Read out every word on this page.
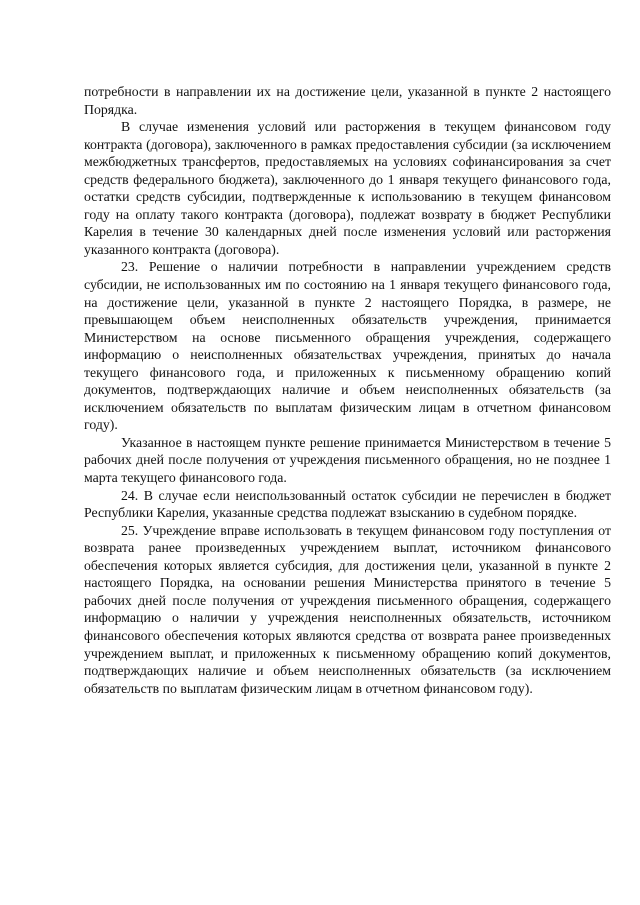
потребности в направлении их на достижение цели, указанной в пункте 2 настоящего Порядка.

В случае изменения условий или расторжения в текущем финансовом году контракта (договора), заключенного в рамках предоставления субсидии (за исключением межбюджетных трансфертов, предоставляемых на условиях софинансирования за счет средств федерального бюджета), заключенного до 1 января текущего финансового года, остатки средств субсидии, подтвержденные к использованию в текущем финансовом году на оплату такого контракта (договора), подлежат возврату в бюджет Республики Карелия в течение 30 календарных дней после изменения условий или расторжения указанного контракта (договора).

23. Решение о наличии потребности в направлении учреждением средств субсидии, не использованных им по состоянию на 1 января текущего финансового года, на достижение цели, указанной в пункте 2 настоящего Порядка, в размере, не превышающем объем неисполненных обязательств учреждения, принимается Министерством на основе письменного обращения учреждения, содержащего информацию о неисполненных обязательствах учреждения, принятых до начала текущего финансового года, и приложенных к письменному обращению копий документов, подтверждающих наличие и объем неисполненных обязательств (за исключением обязательств по выплатам физическим лицам в отчетном финансовом году).

Указанное в настоящем пункте решение принимается Министерством в течение 5 рабочих дней после получения от учреждения письменного обращения, но не позднее 1 марта текущего финансового года.

24. В случае если неиспользованный остаток субсидии не перечислен в бюджет Республики Карелия, указанные средства подлежат взысканию в судебном порядке.

25. Учреждение вправе использовать в текущем финансовом году поступления от возврата ранее произведенных учреждением выплат, источником финансового обеспечения которых является субсидия, для достижения цели, указанной в пункте 2 настоящего Порядка, на основании решения Министерства принятого в течение 5 рабочих дней после получения от учреждения письменного обращения, содержащего информацию о наличии у учреждения неисполненных обязательств, источником финансового обеспечения которых являются средства от возврата ранее произведенных учреждением выплат, и приложенных к письменному обращению копий документов, подтверждающих наличие и объем неисполненных обязательств (за исключением обязательств по выплатам физическим лицам в отчетном финансовом году).
